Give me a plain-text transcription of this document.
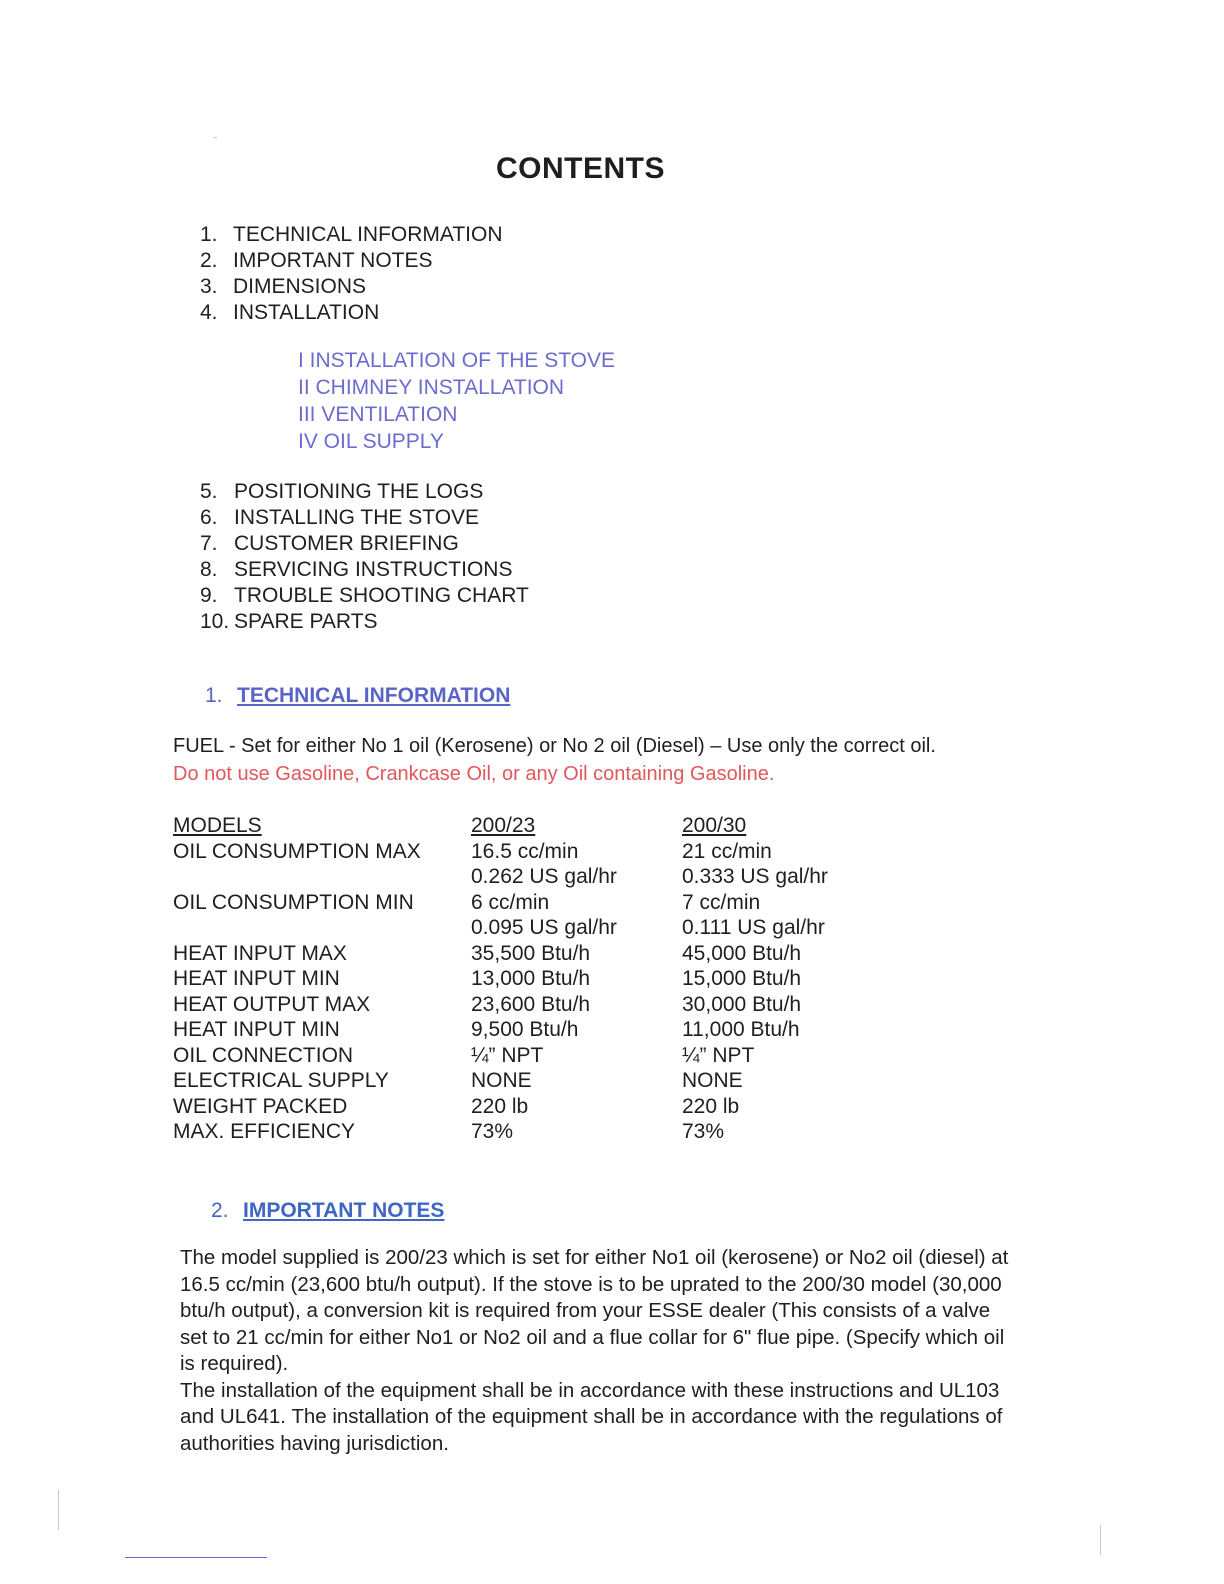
CONTENTS
1. TECHNICAL INFORMATION
2. IMPORTANT NOTES
3. DIMENSIONS
4. INSTALLATION
I INSTALLATION OF THE STOVE
II CHIMNEY INSTALLATION
III VENTILATION
IV OIL SUPPLY
5. POSITIONING THE LOGS
6. INSTALLING THE STOVE
7. CUSTOMER BRIEFING
8. SERVICING INSTRUCTIONS
9. TROUBLE SHOOTING CHART
10. SPARE PARTS
1. TECHNICAL INFORMATION
FUEL - Set for either No 1 oil (Kerosene) or No 2 oil (Diesel) – Use only the correct oil.
Do not use Gasoline, Crankcase Oil, or any Oil containing Gasoline.
MODELS	200/23	200/30
OIL CONSUMPTION MAX 16.5 cc/min	21 cc/min
0.262 US gal/hr	0.333 US gal/hr
OIL CONSUMPTION MIN	6 cc/min	7 cc/min
0.095 US gal/hr	0.111 US gal/hr
HEAT INPUT MAX	35,500 Btu/h	45,000 Btu/h
HEAT INPUT MIN	13,000 Btu/h	15,000 Btu/h
HEAT OUTPUT MAX	23,600 Btu/h	30,000 Btu/h
HEAT INPUT MIN	9,500 Btu/h	11,000 Btu/h
OIL CONNECTION	¼” NPT	¼” NPT
ELECTRICAL SUPPLY	NONE	NONE
WEIGHT PACKED	220 lb	220 lb
MAX. EFFICIENCY	73%	73%
2. IMPORTANT NOTES

The model supplied is 200/23 which is set for either No1 oil (kerosene) or No2 oil (diesel) at 16.5 cc/min (23,600 btu/h output). If the stove is to be uprated to the 200/30 model (30,000 btu/h output), a conversion kit is required from your ESSE dealer (This consists of a valve set to 21 cc/min for either No1 or No2 oil and a flue collar for 6" flue pipe. (Specify which oil is required).

The installation of the equipment shall be in accordance with these instructions and UL103 and UL641. The installation of the equipment shall be in accordance with the regulations of authorities having jurisdiction.
